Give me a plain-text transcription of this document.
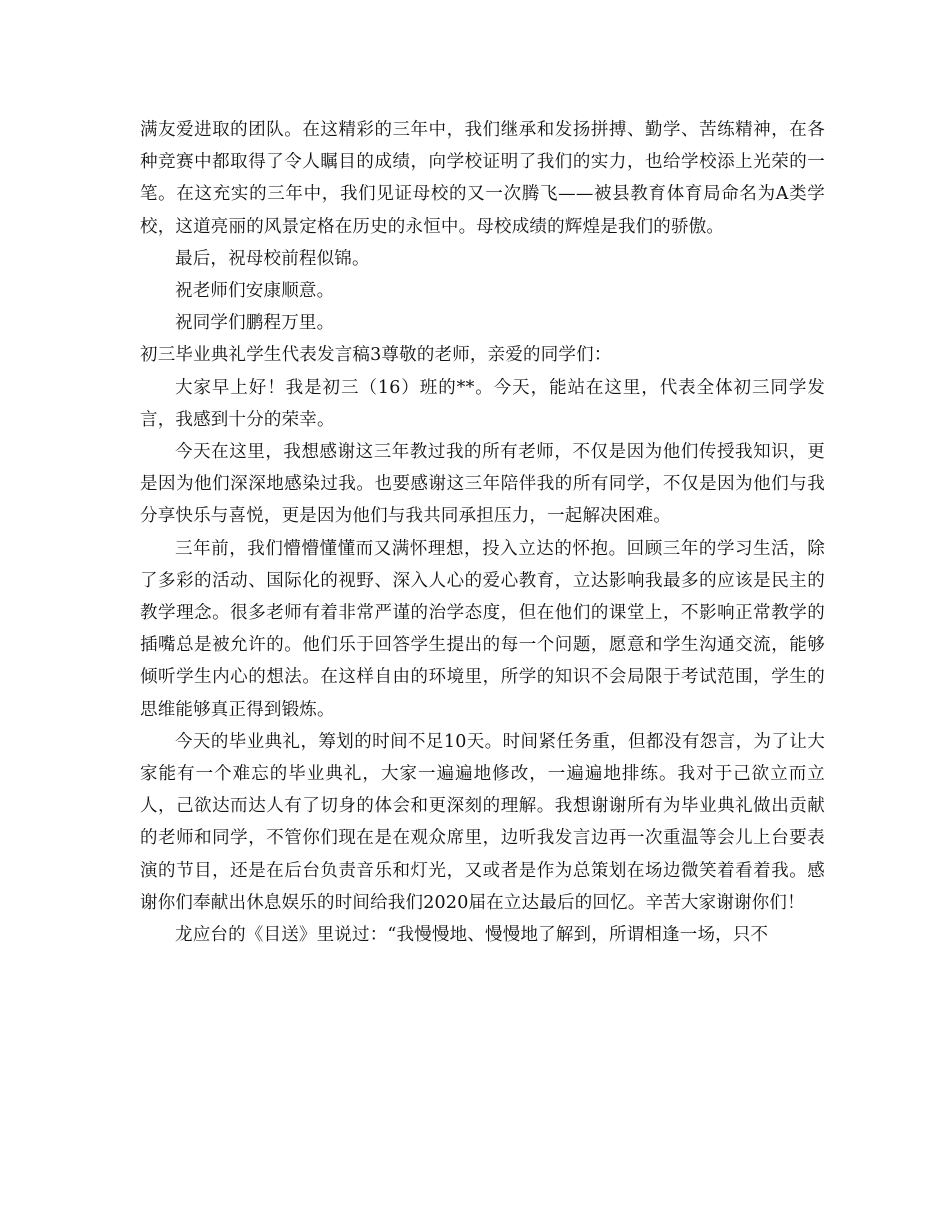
满友爱进取的团队。在这精彩的三年中，我们继承和发扬拼搏、勤学、苦练精神，在各种竞赛中都取得了令人瞩目的成绩，向学校证明了我们的实力，也给学校添上光荣的一笔。在这充实的三年中，我们见证母校的又一次腾飞——被县教育体育局命名为A类学校，这道亮丽的风景定格在历史的永恒中。母校成绩的辉煌是我们的骄傲。

最后，祝母校前程似锦。

祝老师们安康顺意。

祝同学们鹏程万里。

初三毕业典礼学生代表发言稿3尊敬的老师，亲爱的同学们：

大家早上好！我是初三（16）班的**。今天，能站在这里，代表全体初三同学发言，我感到十分的荣幸。

今天在这里，我想感谢这三年教过我的所有老师，不仅是因为他们传授我知识，更是因为他们深深地感染过我。也要感谢这三年陪伴我的所有同学，不仅是因为他们与我分享快乐与喜悦，更是因为他们与我共同承担压力，一起解决困难。

三年前，我们懵懵懂懂而又满怀理想，投入立达的怀抱。回顾三年的学习生活，除了多彩的活动、国际化的视野、深入人心的爱心教育，立达影响我最多的应该是民主的教学理念。很多老师有着非常严谨的治学态度，但在他们的课堂上，不影响正常教学的插嘴总是被允许的。他们乐于回答学生提出的每一个问题，愿意和学生沟通交流，能够倾听学生内心的想法。在这样自由的环境里，所学的知识不会局限于考试范围，学生的思维能够真正得到锻炼。

今天的毕业典礼，筹划的时间不足10天。时间紧任务重，但都没有怨言，为了让大家能有一个难忘的毕业典礼，大家一遍遍地修改，一遍遍地排练。我对于己欲立而立人，己欲达而达人有了切身的体会和更深刻的理解。我想谢谢所有为毕业典礼做出贡献的老师和同学，不管你们现在是在观众席里，边听我发言边再一次重温等会儿上台要表演的节目，还是在后台负责音乐和灯光，又或者是作为总策划在场边微笑着看着我。感谢你们奉献出休息娱乐的时间给我们2020届在立达最后的回忆。辛苦大家谢谢你们！

龙应台的《目送》里说过：“我慢慢地、慢慢地了解到，所谓相逢一场，只不
